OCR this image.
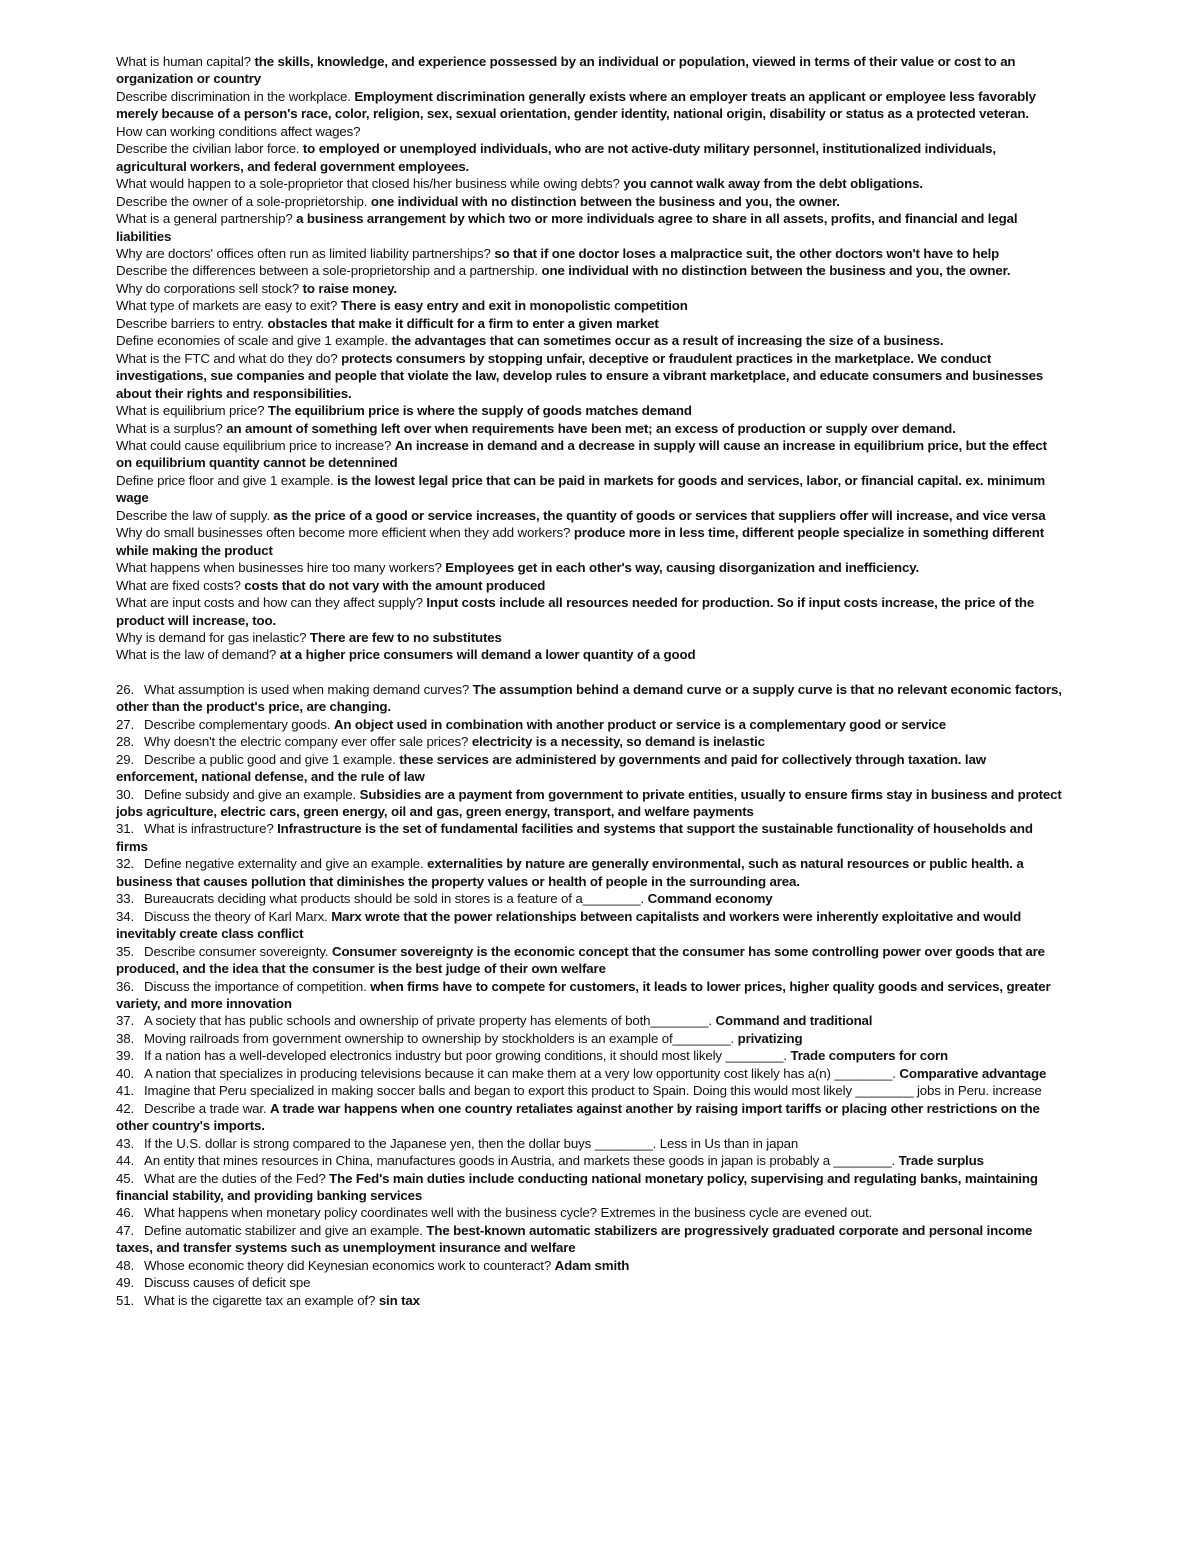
What is human capital? the skills, knowledge, and experience possessed by an individual or population, viewed in terms of their value or cost to an organization or country

Describe discrimination in the workplace. Employment discrimination generally exists where an employer treats an applicant or employee less favorably merely because of a person's race, color, religion, sex, sexual orientation, gender identity, national origin, disability or status as a protected veteran.

How can working conditions affect wages?

Describe the civilian labor force. to employed or unemployed individuals, who are not active-duty military personnel, institutionalized individuals, agricultural workers, and federal government employees.

What would happen to a sole-proprietor that closed his/her business while owing debts? you cannot walk away from the debt obligations.

Describe the owner of a sole-proprietorship. one individual with no distinction between the business and you, the owner.

What is a general partnership? a business arrangement by which two or more individuals agree to share in all assets, profits, and financial and legal liabilities

Why are doctors' offices often run as limited liability partnerships? so that if one doctor loses a malpractice suit, the other doctors won't have to help

Describe the differences between a sole-proprietorship and a partnership. one individual with no distinction between the business and you, the owner.

Why do corporations sell stock? to raise money.

What type of markets are easy to exit? There is easy entry and exit in monopolistic competition

Describe barriers to entry. obstacles that make it difficult for a firm to enter a given market

Define economies of scale and give 1 example. the advantages that can sometimes occur as a result of increasing the size of a business.

What is the FTC and what do they do? protects consumers by stopping unfair, deceptive or fraudulent practices in the marketplace. We conduct investigations, sue companies and people that violate the law, develop rules to ensure a vibrant marketplace, and educate consumers and businesses about their rights and responsibilities.

What is equilibrium price? The equilibrium price is where the supply of goods matches demand

What is a surplus? an amount of something left over when requirements have been met; an excess of production or supply over demand.

What could cause equilibrium price to increase? An increase in demand and a decrease in supply will cause an increase in equilibrium price, but the effect on equilibrium quantity cannot be detennined

Define price floor and give 1 example. is the lowest legal price that can be paid in markets for goods and services, labor, or financial capital. ex. minimum wage

Describe the law of supply. as the price of a good or service increases, the quantity of goods or services that suppliers offer will increase, and vice versa

Why do small businesses often become more efficient when they add workers? produce more in less time, different people specialize in something different while making the product

What happens when businesses hire too many workers? Employees get in each other's way, causing disorganization and inefficiency.

What are fixed costs? costs that do not vary with the amount produced

What are input costs and how can they affect supply? Input costs include all resources needed for production. So if input costs increase, the price of the product will increase, too.

Why is demand for gas inelastic? There are few to no substitutes

What is the law of demand? at a higher price consumers will demand a lower quantity of a good

26. What assumption is used when making demand curves? The assumption behind a demand curve or a supply curve is that no relevant economic factors, other than the product's price, are changing.

27. Describe complementary goods. An object used in combination with another product or service is a complementary good or service

28. Why doesn't the electric company ever offer sale prices? electricity is a necessity, so demand is inelastic

29. Describe a public good and give 1 example. these services are administered by governments and paid for collectively through taxation. law enforcement, national defense, and the rule of law

30. Define subsidy and give an example. Subsidies are a payment from government to private entities, usually to ensure firms stay in business and protect jobs agriculture, electric cars, green energy, oil and gas, green energy, transport, and welfare payments

31. What is infrastructure? Infrastructure is the set of fundamental facilities and systems that support the sustainable functionality of households and firms

32. Define negative externality and give an example. externalities by nature are generally environmental, such as natural resources or public health. a business that causes pollution that diminishes the property values or health of people in the surrounding area.

33. Bureaucrats deciding what products should be sold in stores is a feature of a________. Command economy

34. Discuss the theory of Karl Marx. Marx wrote that the power relationships between capitalists and workers were inherently exploitative and would inevitably create class conflict

35. Describe consumer sovereignty. Consumer sovereignty is the economic concept that the consumer has some controlling power over goods that are produced, and the idea that the consumer is the best judge of their own welfare

36. Discuss the importance of competition. when firms have to compete for customers, it leads to lower prices, higher quality goods and services, greater variety, and more innovation

37. A society that has public schools and ownership of private property has elements of both________. Command and traditional

38. Moving railroads from government ownership to ownership by stockholders is an example of________. privatizing

39. If a nation has a well-developed electronics industry but poor growing conditions, it should most likely ________. Trade computers for corn

40. A nation that specializes in producing televisions because it can make them at a very low opportunity cost likely has a(n) ________. Comparative advantage

41. Imagine that Peru specialized in making soccer balls and began to export this product to Spain. Doing this would most likely ________ jobs in Peru. increase

42. Describe a trade war. A trade war happens when one country retaliates against another by raising import tariffs or placing other restrictions on the other country's imports.

43. If the U.S. dollar is strong compared to the Japanese yen, then the dollar buys ________. Less in Us than in japan

44. An entity that mines resources in China, manufactures goods in Austria, and markets these goods in japan is probably a ________. Trade surplus

45. What are the duties of the Fed? The Fed's main duties include conducting national monetary policy, supervising and regulating banks, maintaining financial stability, and providing banking services

46. What happens when monetary policy coordinates well with the business cycle? Extremes in the business cycle are evened out.

47. Define automatic stabilizer and give an example. The best-known automatic stabilizers are progressively graduated corporate and personal income taxes, and transfer systems such as unemployment insurance and welfare

48. Whose economic theory did Keynesian economics work to counteract? Adam smith

49. Discuss causes of deficit spe

51. What is the cigarette tax an example of? sin tax
